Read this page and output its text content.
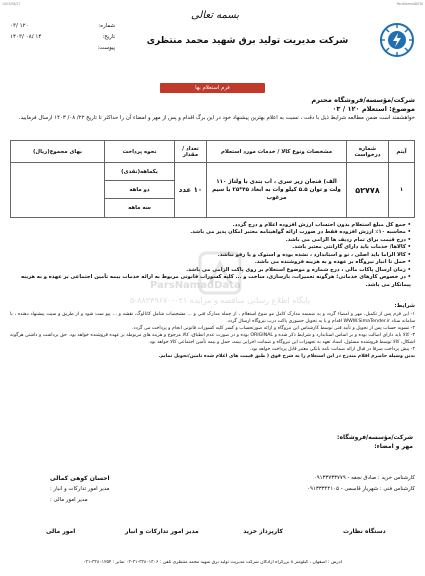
1403/08/27	ParsNamadDATA
بسمه تعالی
شرکت مدیریت تولید برق شهید محمد منتظری
شماره:
۰۳/ ۱۲۰
تاریخ:
۱۴۰۳/ ۰۸/ ۱۴
پیوست:
فرم استعلام بها
شرکت/مؤسسه/فروشگاه محترم
موضوع: استعلام ۱۲۰ / ۰۳
خواهشمند است ضمن مطالعه شرایط ذیل با دقت ، نسبت به اعلام بهترین پیشنهاد خود در این برگ اقدام و پس از مهر و امضاء آن را حداکثر تا تاریخ ۲۲/ ۰۸/ ۱۴۰۳ ارسال فرمایید.
آیتم	شماره درخواست	مشخصات ونوع کالا / خدمات مورد استعلام	تعداد / مقدار	نحوه پرداخت	بهای مجموع(ریال)
۱	۵۲۷۷۸	الف) فنجان زیر سری ، اب بندی با ولتاژ ۱۱۰ ولت و توان ۵.۵ کیلو وات به ابعاد ۴۵*۲۵ با سیم مرغوب	۱۰ عدد	یکماهه(نقدی)
دو ماهه
سه ماهه	

• جمع کل مبلغ استعلام بدون احتساب ارزش افزوده اعلام و درج گردد.
• محاسبه ۱۰٪ ارزش افزوده فقط در صورت ارائه گواهینامه معتبر امکان پذیر می باشد.
• درج قیمت برای تمام ردیف ها الزامی می باشد.
• کالاها/ خدمات باید دارای گارانتی معتبر باشد.
• کالا الزاما باید اصلی ، نو و استاندارد ، نشده بوده و استوک و یا رفو نباشد.
• حمل تا انبار نیروگاه بر عهده و به هزینه فروشنده می باشد.
• زمان ارسال پاکات مالی ، درج شماره و موضوع استعلام بر روی پاکت الزامی می باشد.
• در خصوص کارهای خدماتی؛ هرگونه تعمیرات، بازسازی، ساخت و ... کلیه کسورات قانونی مربوط به ارائه خدمات بیمه تأمین اجتماعی بر عهده و به هزینه پیمانکار می باشد.
ParsNamadData
پایگاه اطلاع رسانی مناقصه و مزایده ۰۲۱-۸۸۳۴۹۶۷۰-۵
شرایط:
۱- این فرم پس از تکمیل، مهر و امضاء گردد و به ضمیمه مدارک کامل مو ضوع استعلام ، از جمله مدارک فنی و ... مشخصات شامل کاتالوگ، نقشه و ... پیو ست شود و از طریق و سیت پیشنهاد دهنده ، با سامانه ستاد WWW.SimaTender.ir اقدام و یا به تحویل حضوری پاکت درب نیروگاه ارسال گردد.
۲- تسویه حساب پس از تحویل و تأیید فنی توسط کارشناس این نیروگاه و ارائه صورتحساب و کسر کلیه کسورات قانونی انجام و پرداخت می گردد.
۳- کالا باید دارای اصالت بوده و بر اساس استاندارد و شرایط ذکر شده و ORIGINAL بوده و در صورت عدم انطباق، کالا مرجوع و هزینه های مربوطه بر عهده فروشنده خواهد بود. حق برداشت و داشتن هرگونه اشکال، کالا توسط فروشنده مسئول، اسناد تعهد به تجهیزات این نیروگاه و ضمانت اجرایی بیمه، حمل و بیمه تأمین اجتماعی کالا خواهد بود.
۴- پیش پرداخت صرفا در قبال ارائه ضمانت نامه بانکی معتبر قابل پرداخت خواهد بود.
بدین وسیله حاضرم اقلام مندرج در این استعلام را به شرح فوق ( طبق قیمت های اعلام شده تامین/تحویل نمایم.
شرکت/مؤسسه/فروشگاه:
مهر و امضاء:
کارشناس خرید : صادق نجفه - ۰۹۱۳۳۷۳۳۷۷۹
کارشناس فنی : شهریار قاسمی - ۰۹۱۳۳۳۴۴۱۰۵
احسان کوهی کمالی
مدیر امور تدارکات و انبار :
مدیر امور مالی :
دستگاه نظارت
کارپرداز خرید
مدیر امور تدارکات و انبار
امور مالی
آدرس : اصفهان ، کیلومتر ۸ بزرگراه آزادگان شرکت مدیریت تولید برق شهید محمد منتظری تلفن : ۳۳۸۰۱۳۰۶-۳۱-۰۳ نمابر : ۳۳۸۰۱۲۵۴-۰۳۱
